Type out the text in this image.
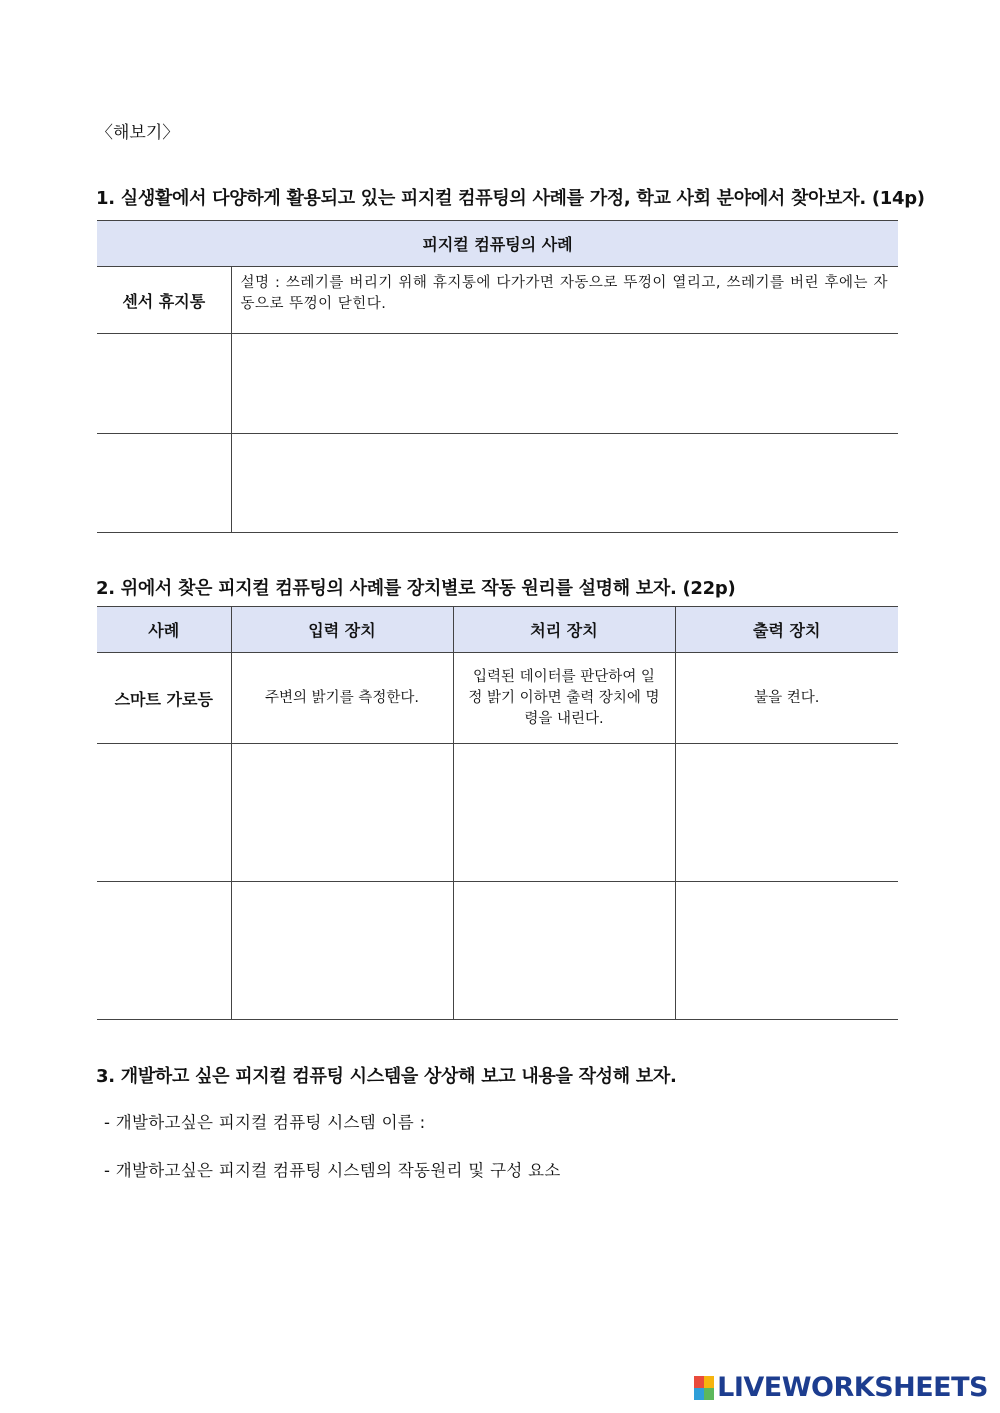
〈해보기〉
1. 실생활에서 다양하게 활용되고 있는 피지컬 컴퓨팅의 사례를 가정, 학교 사회 분야에서 찾아보자. (14p)
피지컬 컴퓨팅의 사례	
센서 휴지통	설명 : 쓰레기를 버리기 위해 휴지통에 다가가면 자동으로 뚜껑이 열리고, 쓰레기를 버린 후에는 자동으로 뚜껑이 닫힌다.

2. 위에서 찾은 피지컬 컴퓨팅의 사례를 장치별로 작동 원리를 설명해 보자. (22p)
사례	입력 장치	처리 장치	출력 장치
스마트 가로등	주변의 밝기를 측정한다.	입력된 데이터를 판단하여 일정 밝기 이하면 출력 장치에 명령을 내린다.	불을 켠다.

3. 개발하고 싶은 피지컬 컴퓨팅 시스템을 상상해 보고 내용을 작성해 보자.
- 개발하고싶은 피지컬 컴퓨팅 시스템 이름 :
- 개발하고싶은 피지컬 컴퓨팅 시스템의 작동원리 및 구성 요소
LIVEWORKSHEETS
